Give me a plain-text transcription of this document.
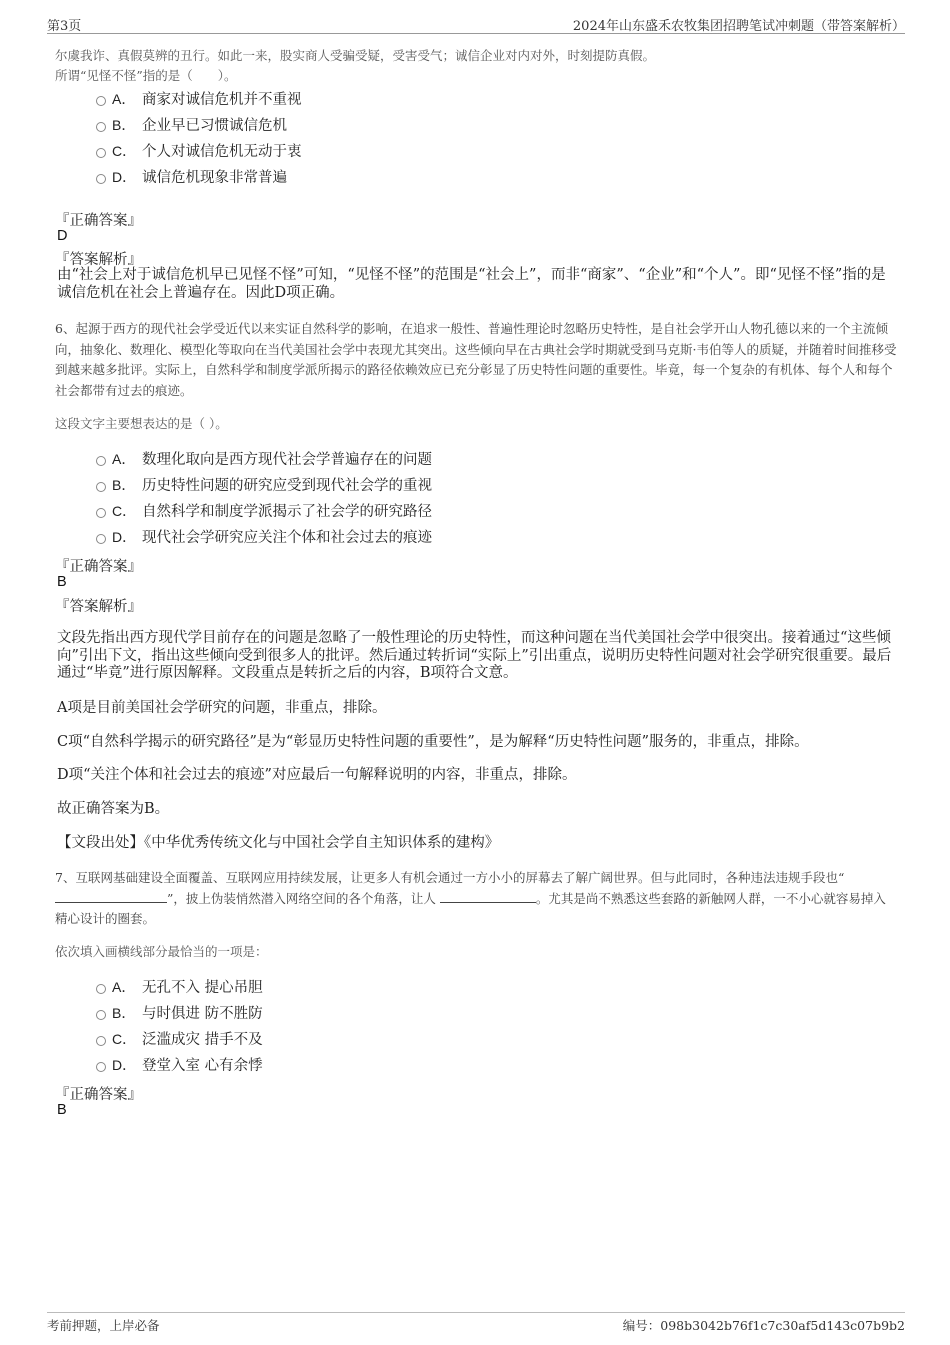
第3页	2024年山东盛禾农牧集团招聘笔试冲刺题（带答案解析）
尔虞我诈、真假莫辨的丑行。如此一来，股实商人受骗受疑，受害受气；诚信企业对内对外，时刻提防真假。
所谓“见怪不怪”指的是（　　）。
A． 商家对诚信危机并不重视
B． 企业早已习惯诚信危机
C． 个人对诚信危机无动于衷
D． 诚信危机现象非常普遍
『正确答案』
D
『答案解析』
由“社会上对于诚信危机早已见怪不怪”可知，“见怪不怪”的范围是“社会上”，而非“商家”、“企业”和“个人”。即“见怪不怪”指的是诚信危机在社会上普遍存在。因此D项正确。
6、起源于西方的现代社会学受近代以来实证自然科学的影响，在追求一般性、普遍性理论时忽略历史特性，是自社会学开山人物孔德以来的一个主流倾向，抽象化、数理化、模型化等取向在当代美国社会学中表现尤其突出。这些倾向早在古典社会学时期就受到马克斯·韦伯等人的质疑，并随着时间推移受到越来越多批评。实际上，自然科学和制度学派所揭示的路径依赖效应已充分彰显了历史特性问题的重要性。毕竟，每一个复杂的有机体、每个人和每个社会都带有过去的痕迹。
这段文字主要想表达的是（ ）。
A． 数理化取向是西方现代社会学普遍存在的问题
B． 历史特性问题的研究应受到现代社会学的重视
C． 自然科学和制度学派揭示了社会学的研究路径
D． 现代社会学研究应关注个体和社会过去的痕迹
『正确答案』
B
『答案解析』
文段先指出西方现代学目前存在的问题是忽略了一般性理论的历史特性，而这种问题在当代美国社会学中很突出。接着通过“这些倾向”引出下文，指出这些倾向受到很多人的批评。然后通过转折词“实际上”引出重点，说明历史特性问题对社会学研究很重要。最后通过“毕竟”进行原因解释。文段重点是转折之后的内容，B项符合文意。
A项是目前美国社会学研究的问题，非重点，排除。
C项“自然科学揭示的研究路径”是为“彰显历史特性问题的重要性”，是为解释“历史特性问题”服务的，非重点，排除。
D项“关注个体和社会过去的痕迹”对应最后一句解释说明的内容，非重点，排除。
故正确答案为B。
【文段出处】《中华优秀传统文化与中国社会学自主知识体系的建构》
7、互联网基础建设全面覆盖、互联网应用持续发展，让更多人有机会通过一方小小的屏幕去了解广阔世界。但与此同时，各种违法违规手段也“”，披上伪装悄然潜入网络空间的各个角落，让人	。尤其是尚不熟悉这些套路的新触网人群，一不小心就容易掉入精心设计的圈套。
依次填入画横线部分最恰当的一项是：
A． 无孔不入 提心吊胆
B． 与时俱进 防不胜防
C． 泛滥成灾 措手不及
D． 登堂入室 心有余悸
『正确答案』
B
考前押题，上岸必备	编号：098b3042b76f1c7c30af5d143c07b9b2
